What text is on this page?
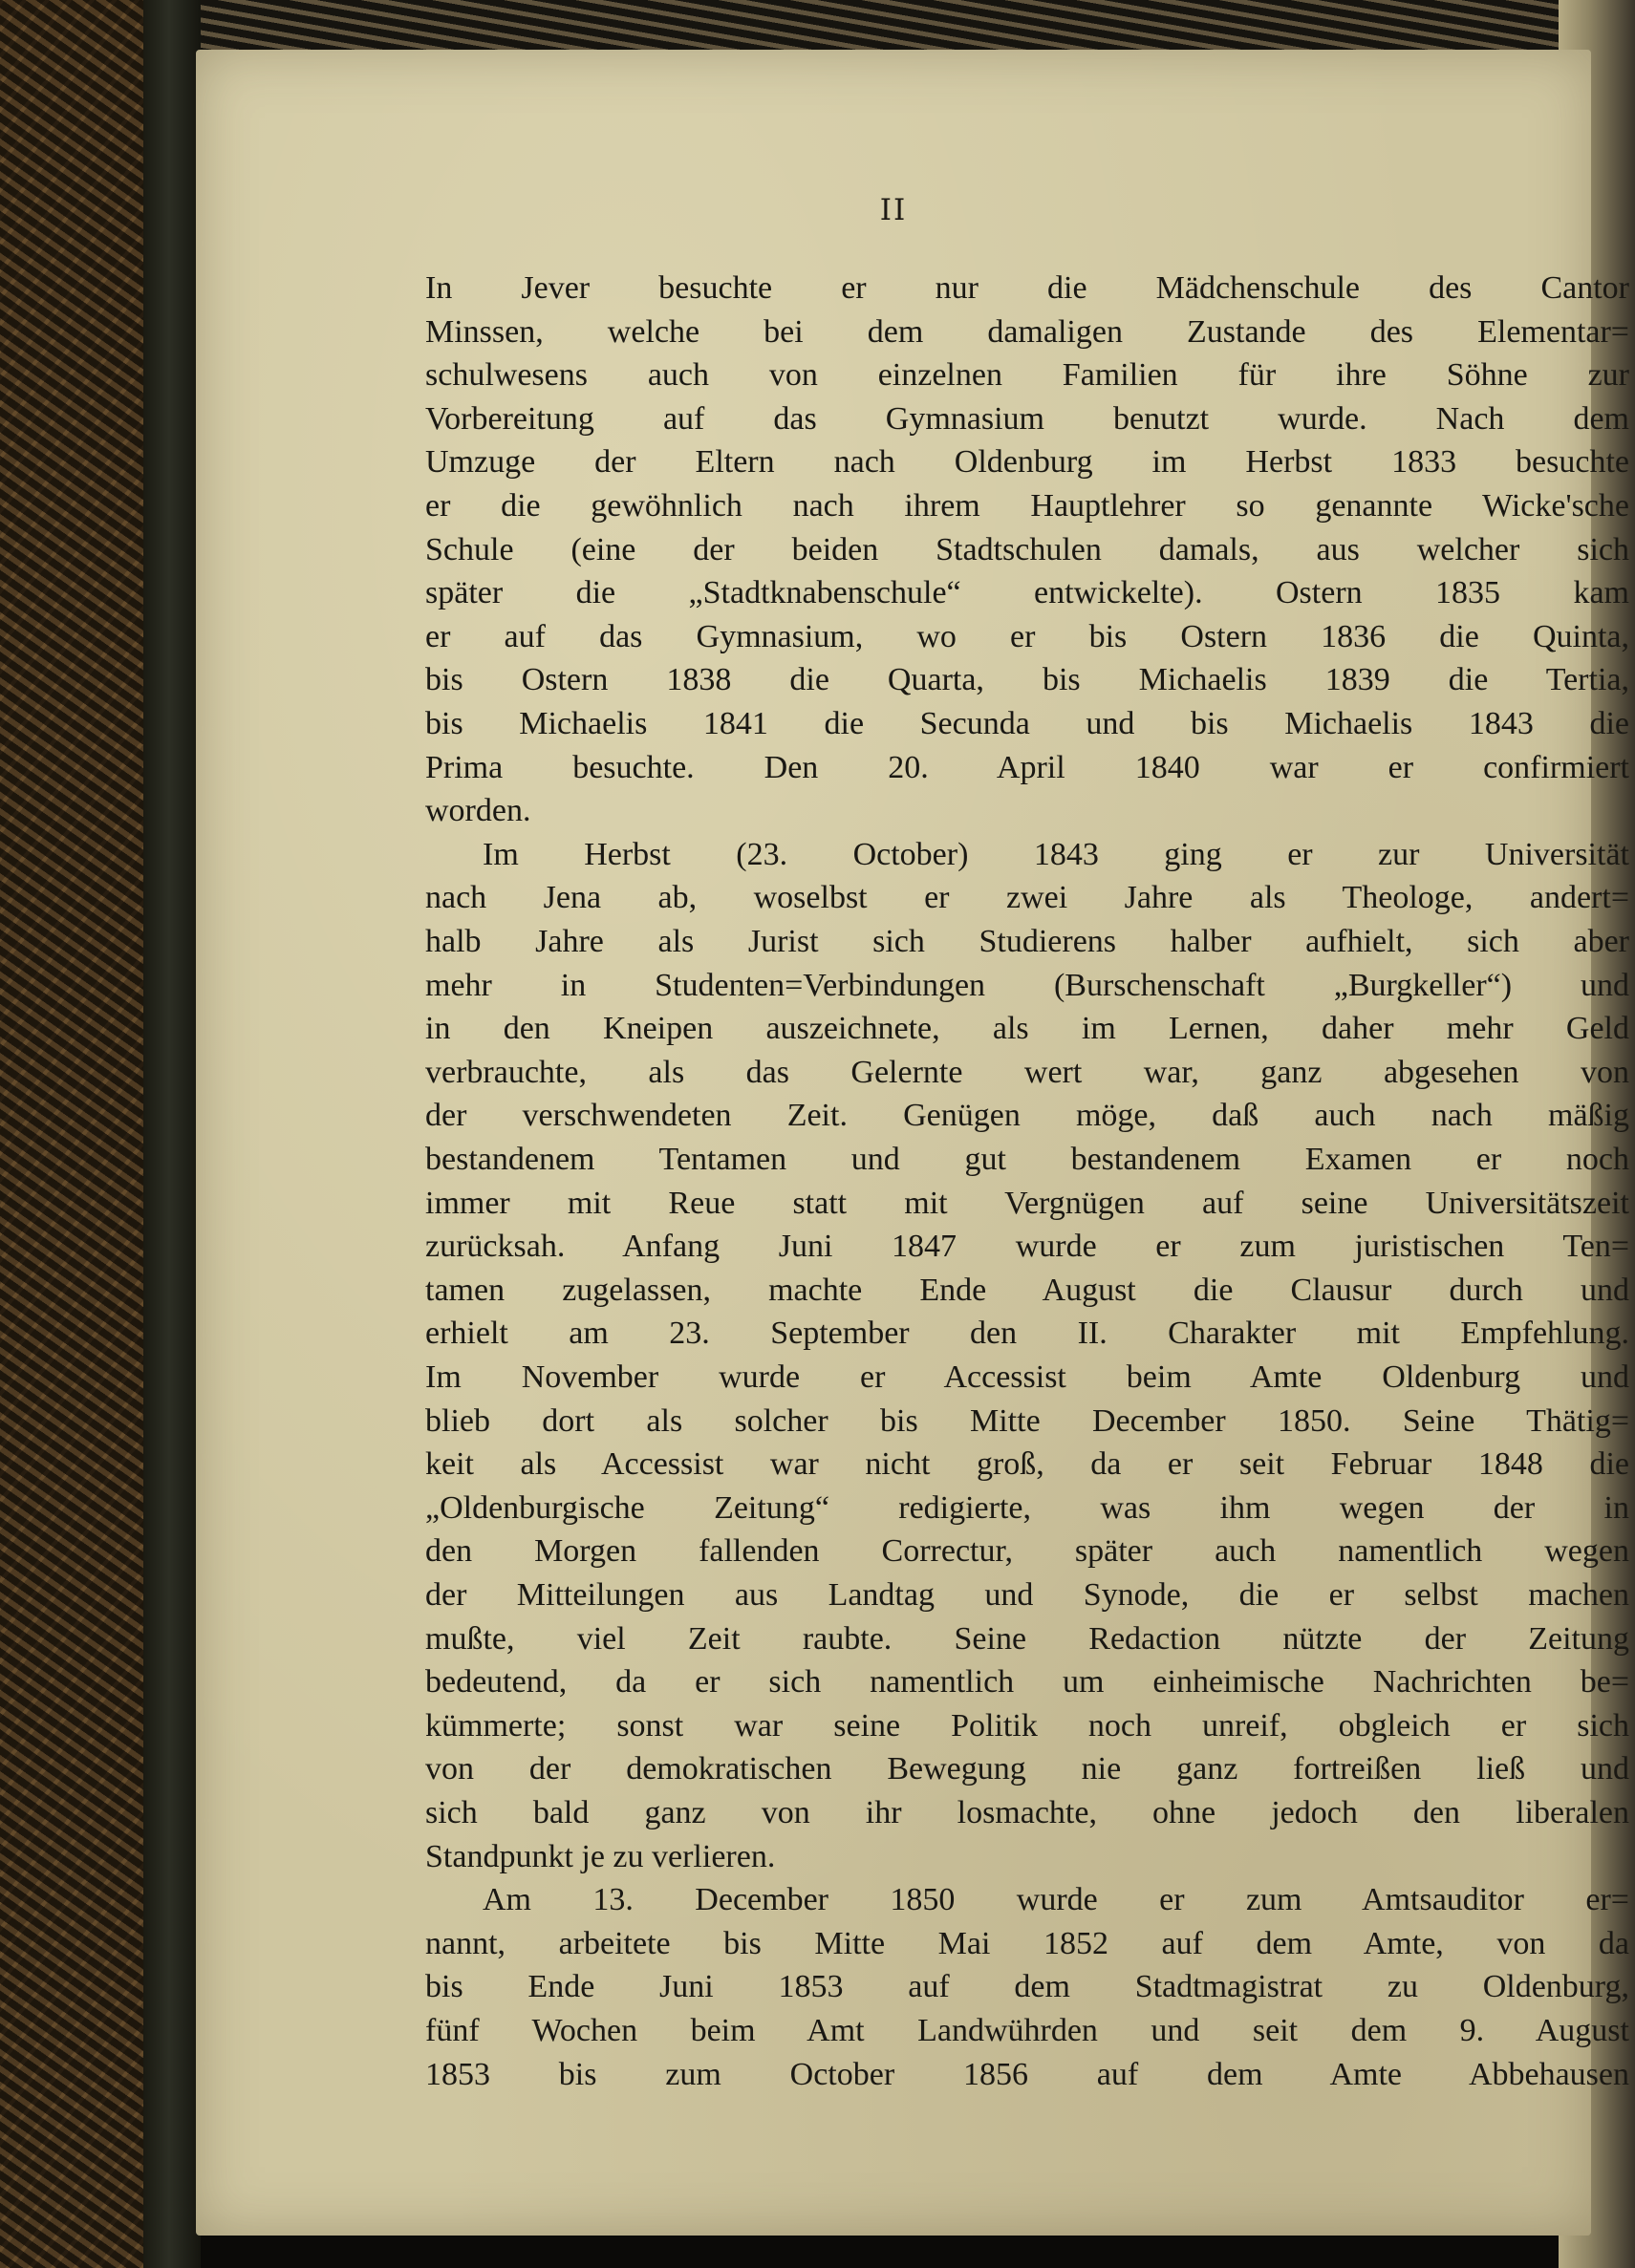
II
In Jever besuchte er nur die Mädchenschule des Cantor
Minssen, welche bei dem damaligen Zustande des Elementar=
schulwesens auch von einzelnen Familien für ihre Söhne zur
Vorbereitung auf das Gymnasium benutzt wurde. Nach dem
Umzuge der Eltern nach Oldenburg im Herbst 1833 besuchte
er die gewöhnlich nach ihrem Hauptlehrer so genannte Wicke'sche
Schule (eine der beiden Stadtschulen damals, aus welcher sich
später die „Stadtknabenschule“ entwickelte). Ostern 1835 kam
er auf das Gymnasium, wo er bis Ostern 1836 die Quinta,
bis Ostern 1838 die Quarta, bis Michaelis 1839 die Tertia,
bis Michaelis 1841 die Secunda und bis Michaelis 1843 die
Prima besuchte. Den 20. April 1840 war er confirmiert
worden.
Im Herbst (23. October) 1843 ging er zur Universität
nach Jena ab, woselbst er zwei Jahre als Theologe, andert=
halb Jahre als Jurist sich Studierens halber aufhielt, sich aber
mehr in Studenten=Verbindungen (Burschenschaft „Burgkeller“) und
in den Kneipen auszeichnete, als im Lernen, daher mehr Geld
verbrauchte, als das Gelernte wert war, ganz abgesehen von
der verschwendeten Zeit. Genügen möge, daß auch nach mäßig
bestandenem Tentamen und gut bestandenem Examen er noch
immer mit Reue statt mit Vergnügen auf seine Universitätszeit
zurücksah. Anfang Juni 1847 wurde er zum juristischen Ten=
tamen zugelassen, machte Ende August die Clausur durch und
erhielt am 23. September den II. Charakter mit Empfehlung.
Im November wurde er Accessist beim Amte Oldenburg und
blieb dort als solcher bis Mitte December 1850. Seine Thätig=
keit als Accessist war nicht groß, da er seit Februar 1848 die
„Oldenburgische Zeitung“ redigierte, was ihm wegen der in
den Morgen fallenden Correctur, später auch namentlich wegen
der Mitteilungen aus Landtag und Synode, die er selbst machen
mußte, viel Zeit raubte. Seine Redaction nützte der Zeitung
bedeutend, da er sich namentlich um einheimische Nachrichten be=
kümmerte; sonst war seine Politik noch unreif, obgleich er sich
von der demokratischen Bewegung nie ganz fortreißen ließ und
sich bald ganz von ihr losmachte, ohne jedoch den liberalen
Standpunkt je zu verlieren.
Am 13. December 1850 wurde er zum Amtsauditor er=
nannt, arbeitete bis Mitte Mai 1852 auf dem Amte, von da
bis Ende Juni 1853 auf dem Stadtmagistrat zu Oldenburg,
fünf Wochen beim Amt Landwührden und seit dem 9. August
1853 bis zum October 1856 auf dem Amte Abbehausen
